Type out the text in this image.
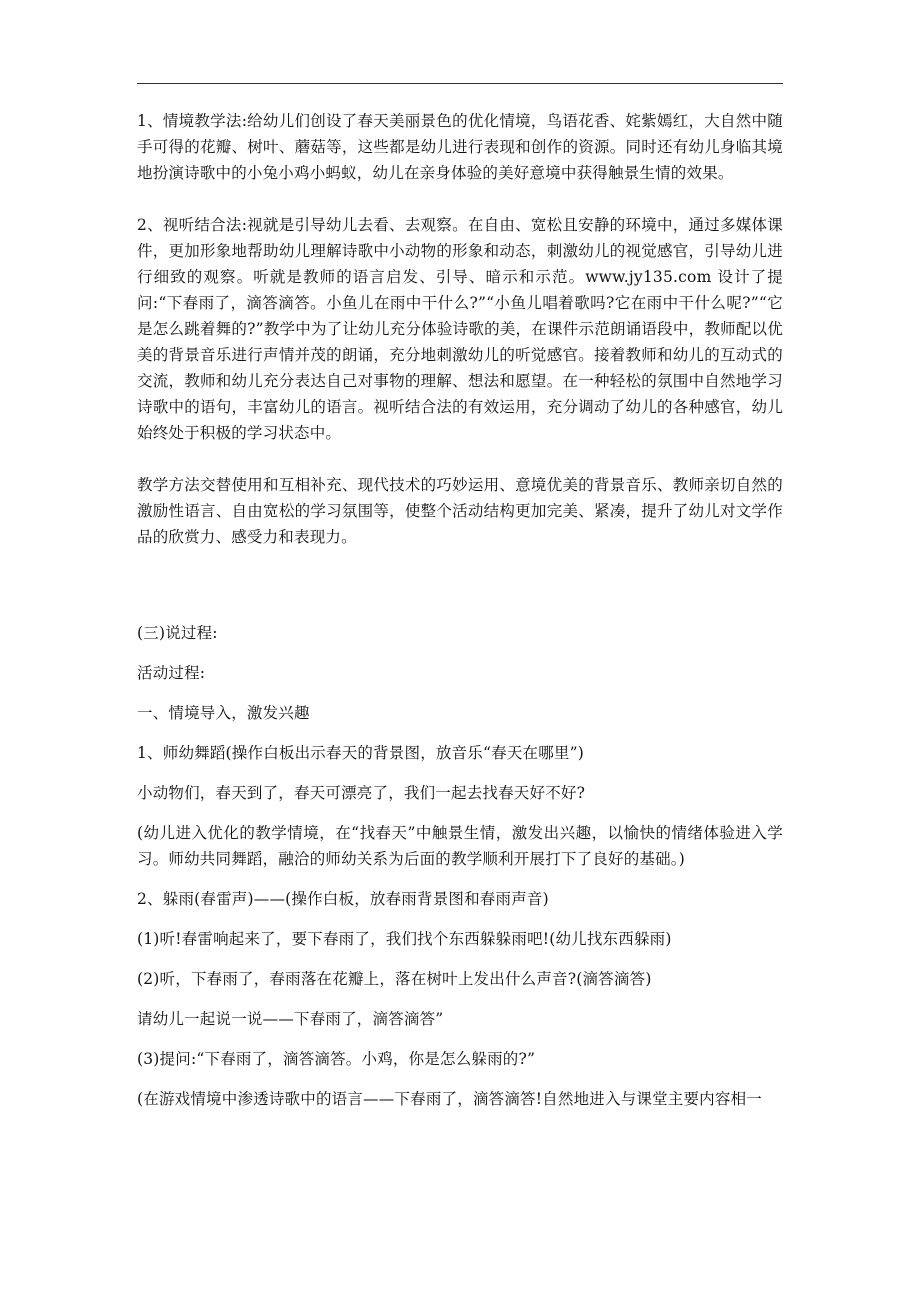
1、情境教学法:给幼儿们创设了春天美丽景色的优化情境，鸟语花香、姹紫嫣红，大自然中随手可得的花瓣、树叶、蘑菇等，这些都是幼儿进行表现和创作的资源。同时还有幼儿身临其境地扮演诗歌中的小兔小鸡小蚂蚁，幼儿在亲身体验的美好意境中获得触景生情的效果。

2、视听结合法:视就是引导幼儿去看、去观察。在自由、宽松且安静的环境中，通过多媒体课件，更加形象地帮助幼儿理解诗歌中小动物的形象和动态，刺激幼儿的视觉感官，引导幼儿进行细致的观察。听就是教师的语言启发、引导、暗示和示范。www.jy135.com 设计了提问:“下春雨了，滴答滴答。小鱼儿在雨中干什么?”“小鱼儿唱着歌吗?它在雨中干什么呢?”“它是怎么跳着舞的?”教学中为了让幼儿充分体验诗歌的美，在课件示范朗诵语段中，教师配以优美的背景音乐进行声情并茂的朗诵，充分地刺激幼儿的听觉感官。接着教师和幼儿的互动式的交流，教师和幼儿充分表达自己对事物的理解、想法和愿望。在一种轻松的氛围中自然地学习诗歌中的语句，丰富幼儿的语言。视听结合法的有效运用，充分调动了幼儿的各种感官，幼儿始终处于积极的学习状态中。

教学方法交替使用和互相补充、现代技术的巧妙运用、意境优美的背景音乐、教师亲切自然的激励性语言、自由宽松的学习氛围等，使整个活动结构更加完美、紧凑，提升了幼儿对文学作品的欣赏力、感受力和表现力。

(三)说过程:

活动过程:

一、情境导入，激发兴趣

1、师幼舞蹈(操作白板出示春天的背景图，放音乐“春天在哪里”)

小动物们，春天到了，春天可漂亮了，我们一起去找春天好不好?

(幼儿进入优化的教学情境，在“找春天”中触景生情，激发出兴趣，以愉快的情绪体验进入学习。师幼共同舞蹈，融洽的师幼关系为后面的教学顺利开展打下了良好的基础。)

2、躲雨(春雷声)——(操作白板，放春雨背景图和春雨声音)

(1)听!春雷响起来了，要下春雨了，我们找个东西躲躲雨吧!(幼儿找东西躲雨)

(2)听，下春雨了，春雨落在花瓣上，落在树叶上发出什么声音?(滴答滴答)

请幼儿一起说一说——下春雨了，滴答滴答”

(3)提问:“下春雨了，滴答滴答。小鸡，你是怎么躲雨的?”

(在游戏情境中渗透诗歌中的语言——下春雨了，滴答滴答!自然地进入与课堂主要内容相一
